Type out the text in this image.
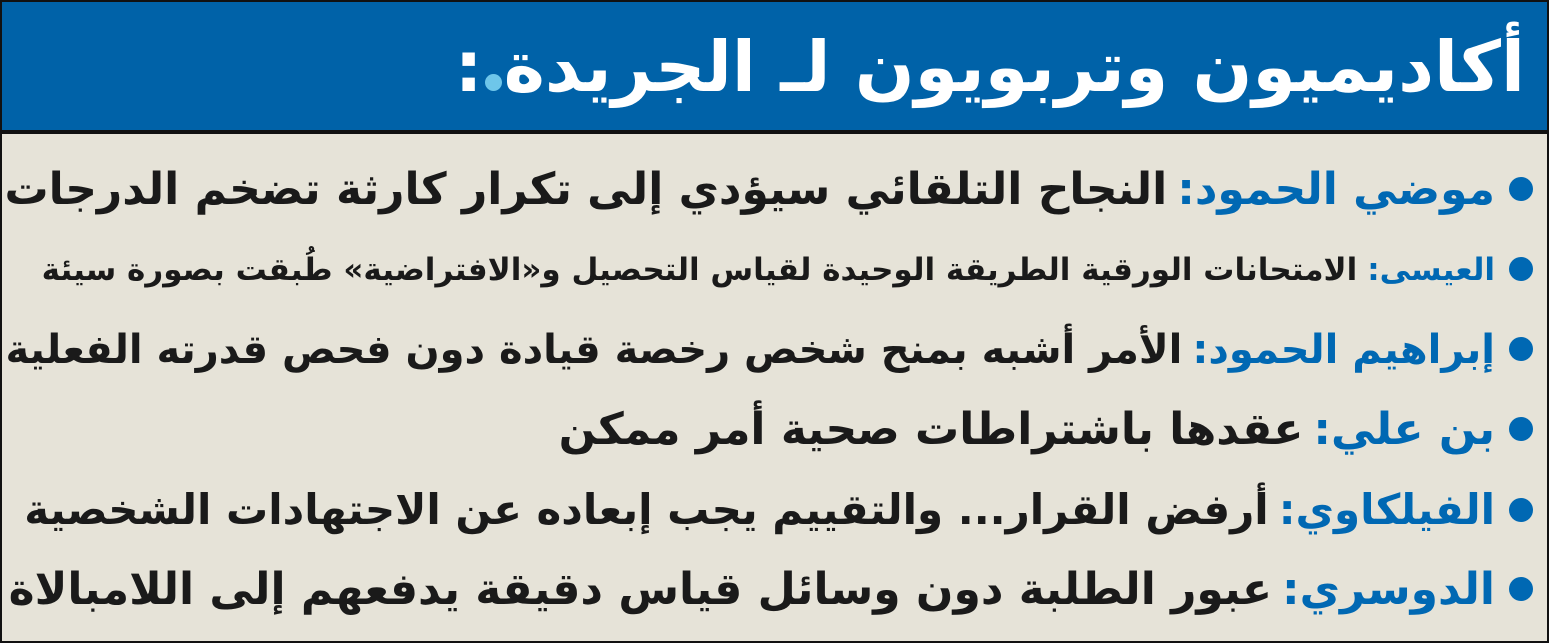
أكاديميون وتربويون لـ الجريدة:
موضي الحمود:النجاح التلقائي سيؤدي إلى تكرار كارثة تضخم الدرجات
العيسى:الامتحانات الورقية الطريقة الوحيدة لقياس التحصيل و«الافتراضية» طُبقت بصورة سيئة
إبراهيم الحمود:الأمر أشبه بمنح شخص رخصة قيادة دون فحص قدرته الفعلية
بن علي:عقدها باشتراطات صحية أمر ممكن
الفيلكاوي:أرفض القرار... والتقييم يجب إبعاده عن الاجتهادات الشخصية
الدوسري:عبور الطلبة دون وسائل قياس دقيقة يدفعهم إلى اللامبالاة
